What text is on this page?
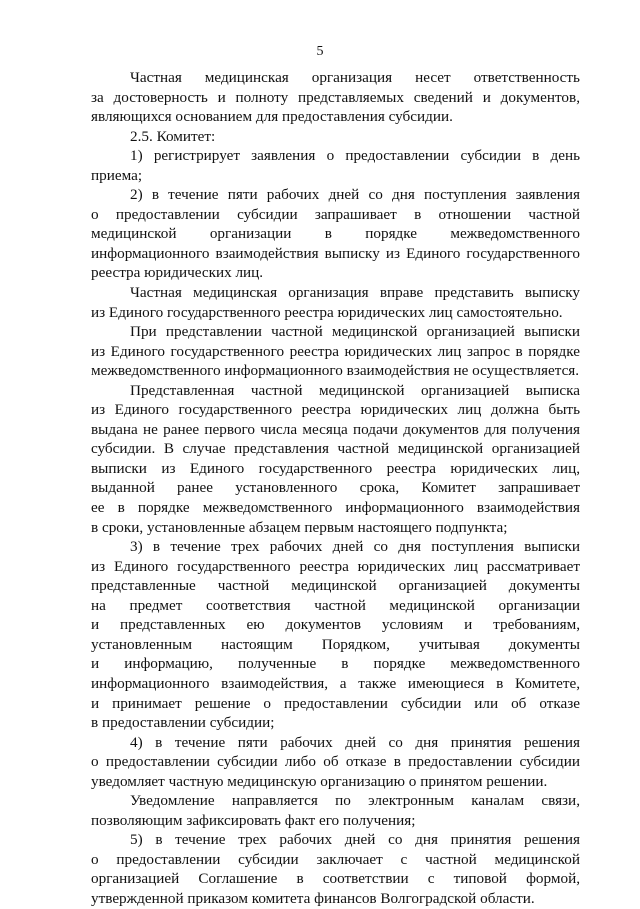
5
Частная медицинская организация несет ответственность
за достоверность и полноту представляемых сведений и документов,
являющихся основанием для предоставления субсидии.
2.5. Комитет:
1) регистрирует заявления о предоставлении субсидии в день
приема;
2) в течение пяти рабочих дней со дня поступления заявления
о предоставлении субсидии запрашивает в отношении частной
медицинской организации в порядке межведомственного
информационного взаимодействия выписку из Единого государственного
реестра юридических лиц.
Частная медицинская организация вправе представить выписку
из Единого государственного реестра юридических лиц самостоятельно.
При представлении частной медицинской организацией выписки
из Единого государственного реестра юридических лиц запрос в порядке
межведомственного информационного взаимодействия не осуществляется.
Представленная частной медицинской организацией выписка
из Единого государственного реестра юридических лиц должна быть
выдана не ранее первого числа месяца подачи документов для получения
субсидии. В случае представления частной медицинской организацией
выписки из Единого государственного реестра юридических лиц,
выданной ранее установленного срока, Комитет запрашивает
ее в порядке межведомственного информационного взаимодействия
в сроки, установленные абзацем первым настоящего подпункта;
3) в течение трех рабочих дней со дня поступления выписки
из Единого государственного реестра юридических лиц рассматривает
представленные частной медицинской организацией документы
на предмет соответствия частной медицинской организации
и представленных ею документов условиям и требованиям,
установленным настоящим Порядком, учитывая документы
и информацию, полученные в порядке межведомственного
информационного взаимодействия, а также имеющиеся в Комитете,
и принимает решение о предоставлении субсидии или об отказе
в предоставлении субсидии;
4) в течение пяти рабочих дней со дня принятия решения
о предоставлении субсидии либо об отказе в предоставлении субсидии
уведомляет частную медицинскую организацию о принятом решении.
Уведомление направляется по электронным каналам связи,
позволяющим зафиксировать факт его получения;
5) в течение трех рабочих дней со дня принятия решения
о предоставлении субсидии заключает с частной медицинской
организацией Соглашение в соответствии с типовой формой,
утвержденной приказом комитета финансов Волгоградской области.
